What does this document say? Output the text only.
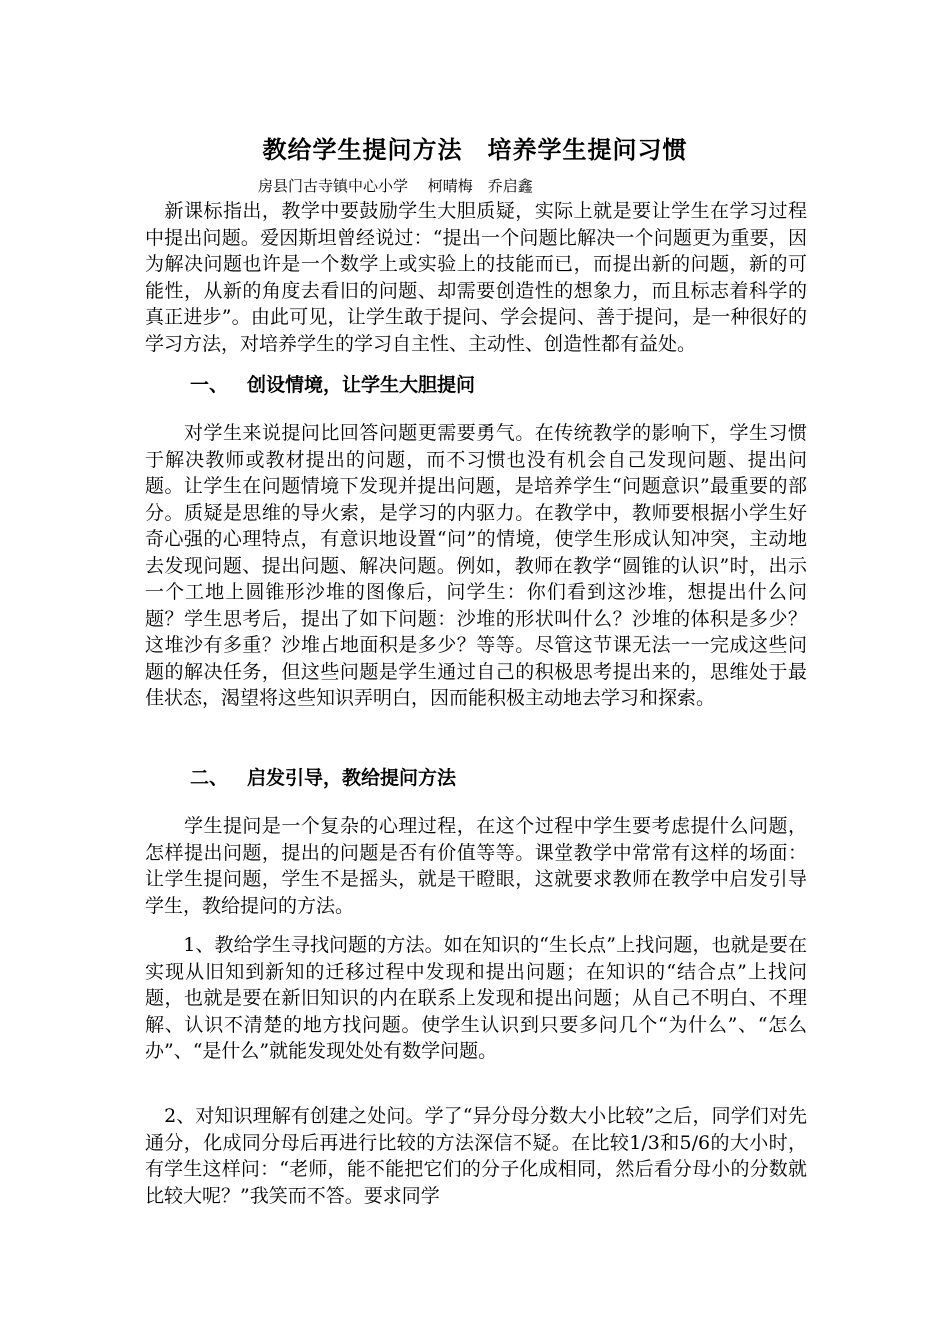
教给学生提问方法　培养学生提问习惯
房县门古寺镇中心小学　 柯晴梅　乔启鑫

　新课标指出，教学中要鼓励学生大胆质疑，实际上就是要让学生在学习过程中提出问题。爱因斯坦曾经说过：“提出一个问题比解决一个问题更为重要，因为解决问题也许是一个数学上或实验上的技能而已，而提出新的问题，新的可能性，从新的角度去看旧的问题、却需要创造性的想象力，而且标志着科学的真正进步”。由此可见，让学生敢于提问、学会提问、善于提问，是一种很好的学习方法，对培养学生的学习自主性、主动性、创造性都有益处。

一、 创设情境，让学生大胆提问

　　对学生来说提问比回答问题更需要勇气。在传统教学的影响下，学生习惯于解决教师或教材提出的问题，而不习惯也没有机会自己发现问题、提出问题。让学生在问题情境下发现并提出问题，是培养学生“问题意识”最重要的部分。质疑是思维的导火索，是学习的内驱力。在教学中，教师要根据小学生好奇心强的心理特点，有意识地设置“问”的情境，使学生形成认知冲突，主动地去发现问题、提出问题、解决问题。例如，教师在教学“圆锥的认识”时，出示一个工地上圆锥形沙堆的图像后，问学生：你们看到这沙堆，想提出什么问题？学生思考后，提出了如下问题：沙堆的形状叫什么？沙堆的体积是多少？这堆沙有多重？沙堆占地面积是多少？等等。尽管这节课无法一一完成这些问题的解决任务，但这些问题是学生通过自己的积极思考提出来的，思维处于最佳状态，渴望将这些知识弄明白，因而能积极主动地去学习和探索。

二、 启发引导，教给提问方法

　　学生提问是一个复杂的心理过程，在这个过程中学生要考虑提什么问题，怎样提出问题，提出的问题是否有价值等等。课堂教学中常常有这样的场面：让学生提问题，学生不是摇头，就是干瞪眼，这就要求教师在教学中启发引导学生，教给提问的方法。

　　1、教给学生寻找问题的方法。如在知识的“生长点”上找问题，也就是要在实现从旧知到新知的迁移过程中发现和提出问题；在知识的“结合点”上找问题，也就是要在新旧知识的内在联系上发现和提出问题；从自己不明白、不理解、认识不清楚的地方找问题。使学生认识到只要多问几个“为什么”、“怎么办”、“是什么”就能发现处处有数学问题。

　2、对知识理解有创建之处问。学了“异分母分数大小比较”之后，同学们对先通分，化成同分母后再进行比较的方法深信不疑。在比较1/3和5/6的大小时，有学生这样问：“老师，能不能把它们的分子化成相同，然后看分母小的分数就比较大呢？”我笑而不答。要求同学
